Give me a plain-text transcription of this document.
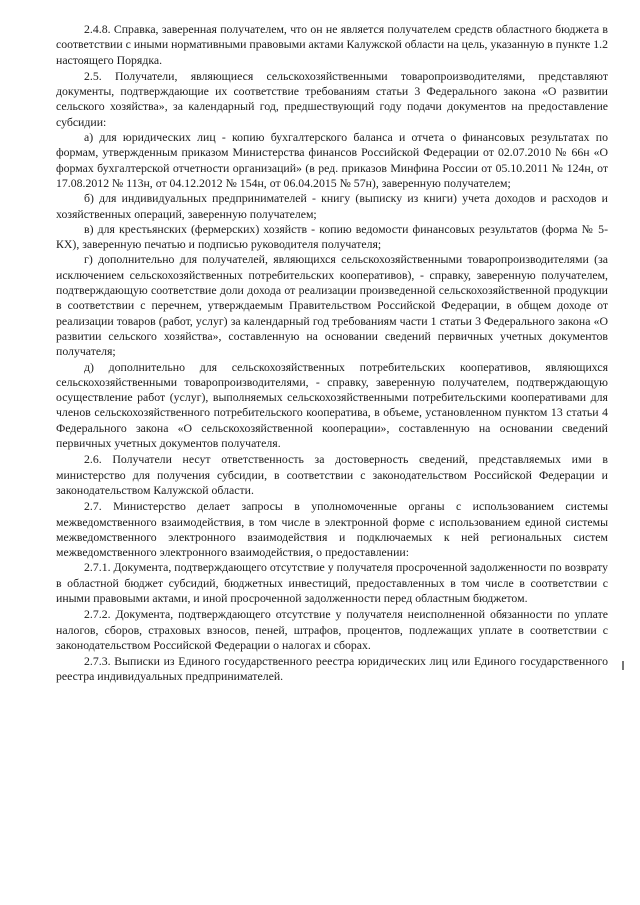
2.4.8. Справка, заверенная получателем, что он не является получателем средств областного бюджета в соответствии с иными нормативными правовыми актами Калужской области на цель, указанную в пункте 1.2 настоящего Порядка.

2.5. Получатели, являющиеся сельскохозяйственными товаропроизводителями, представляют документы, подтверждающие их соответствие требованиям статьи 3 Федерального закона «О развитии сельского хозяйства», за календарный год, предшествующий году подачи документов на предоставление субсидии:

а) для юридических лиц - копию бухгалтерского баланса и отчета о финансовых результатах по формам, утвержденным приказом Министерства финансов Российской Федерации от 02.07.2010 № 66н «О формах бухгалтерской отчетности организаций» (в ред. приказов Минфина России от 05.10.2011 № 124н, от 17.08.2012 № 113н, от 04.12.2012 № 154н, от 06.04.2015 № 57н), заверенную получателем;

б) для индивидуальных предпринимателей - книгу (выписку из книги) учета доходов и расходов и хозяйственных операций, заверенную получателем;

в) для крестьянских (фермерских) хозяйств - копию ведомости финансовых результатов (форма № 5-КХ), заверенную печатью и подписью руководителя получателя;

г) дополнительно для получателей, являющихся сельскохозяйственными товаропроизводителями (за исключением сельскохозяйственных потребительских кооперативов), - справку, заверенную получателем, подтверждающую соответствие доли дохода от реализации произведенной сельскохозяйственной продукции в соответствии с перечнем, утверждаемым Правительством Российской Федерации, в общем доходе от реализации товаров (работ, услуг) за календарный год требованиям части 1 статьи 3 Федерального закона «О развитии сельского хозяйства», составленную на основании сведений первичных учетных документов получателя;

д) дополнительно для сельскохозяйственных потребительских кооперативов, являющихся сельскохозяйственными товаропроизводителями, - справку, заверенную получателем, подтверждающую осуществление работ (услуг), выполняемых сельскохозяйственными потребительскими кооперативами для членов сельскохозяйственного потребительского кооператива, в объеме, установленном пунктом 13 статьи 4 Федерального закона «О сельскохозяйственной кооперации», составленную на основании сведений первичных учетных документов получателя.

2.6. Получатели несут ответственность за достоверность сведений, представляемых ими в министерство для получения субсидии, в соответствии с законодательством Российской Федерации и законодательством Калужской области.

2.7. Министерство делает запросы в уполномоченные органы с использованием системы межведомственного взаимодействия, в том числе в электронной форме с использованием единой системы межведомственного электронного взаимодействия и подключаемых к ней региональных систем межведомственного электронного взаимодействия, о предоставлении:

2.7.1. Документа, подтверждающего отсутствие у получателя просроченной задолженности по возврату в областной бюджет субсидий, бюджетных инвестиций, предоставленных в том числе в соответствии с иными правовыми актами, и иной просроченной задолженности перед областным бюджетом.

2.7.2. Документа, подтверждающего отсутствие у получателя неисполненной обязанности по уплате налогов, сборов, страховых взносов, пеней, штрафов, процентов, подлежащих уплате в соответствии с законодательством Российской Федерации о налогах и сборах.

2.7.3. Выписки из Единого государственного реестра юридических лиц или Единого государственного реестра индивидуальных предпринимателей.
